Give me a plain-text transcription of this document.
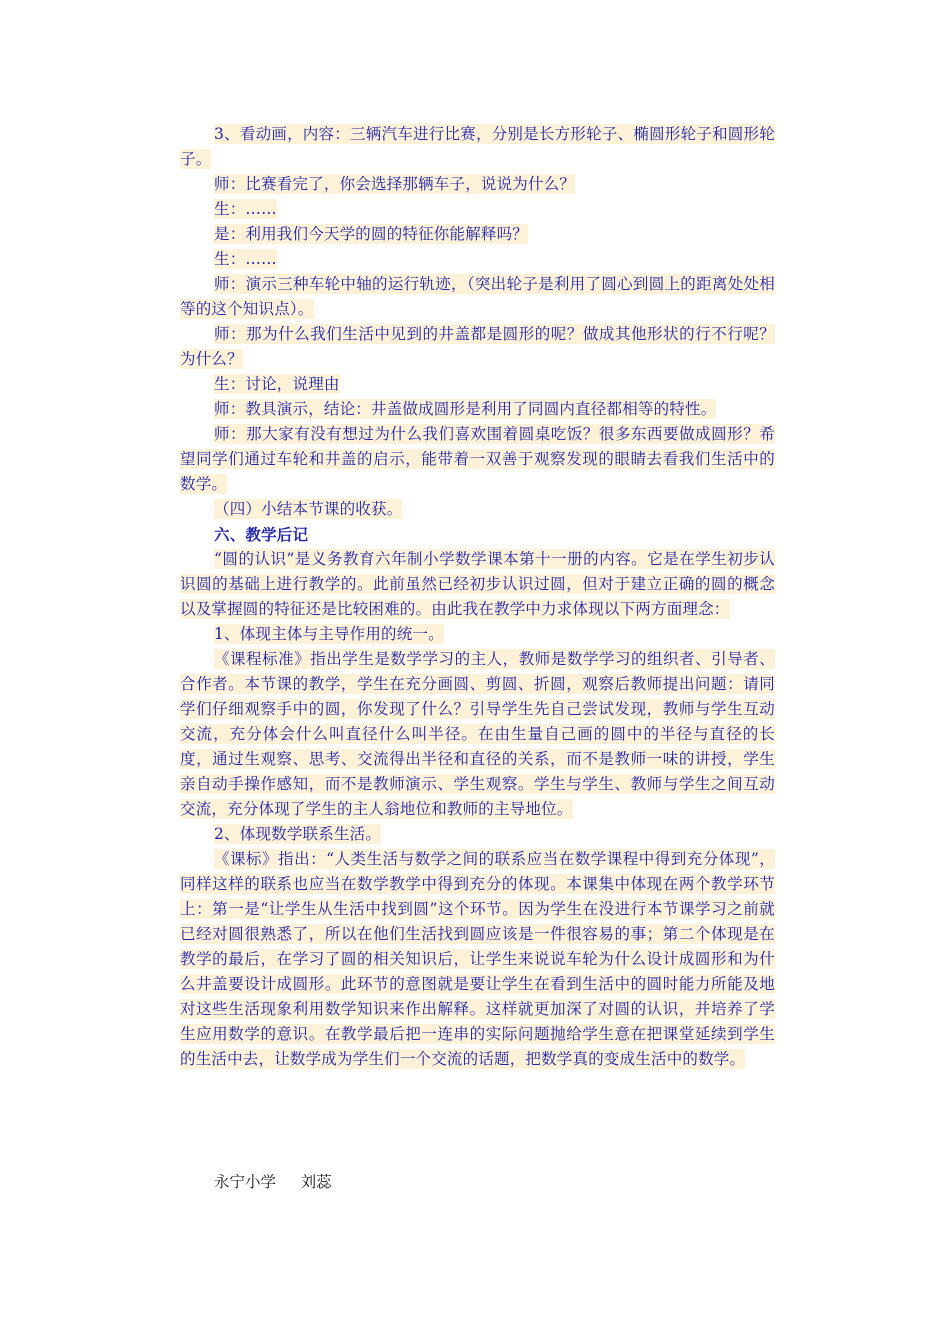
3、看动画，内容：三辆汽车进行比赛，分别是长方形轮子、椭圆形轮子和圆形轮子。

师：比赛看完了，你会选择那辆车子，说说为什么？

生：……

是：利用我们今天学的圆的特征你能解释吗？

生：……

师：演示三种车轮中轴的运行轨迹，（突出轮子是利用了圆心到圆上的距离处处相等的这个知识点）。

师：那为什么我们生活中见到的井盖都是圆形的呢？做成其他形状的行不行呢？为什么？

生：讨论，说理由

师：教具演示，结论：井盖做成圆形是利用了同圆内直径都相等的特性。

师：那大家有没有想过为什么我们喜欢围着圆桌吃饭？很多东西要做成圆形？希望同学们通过车轮和井盖的启示，能带着一双善于观察发现的眼睛去看我们生活中的数学。

（四）小结本节课的收获。

六、教学后记

“圆的认识”是义务教育六年制小学数学课本第十一册的内容。它是在学生初步认识圆的基础上进行教学的。此前虽然已经初步认识过圆，但对于建立正确的圆的概念以及掌握圆的特征还是比较困难的。由此我在教学中力求体现以下两方面理念：

1、体现主体与主导作用的统一。

《课程标准》指出学生是数学学习的主人，教师是数学学习的组织者、引导者、合作者。本节课的教学，学生在充分画圆、剪圆、折圆，观察后教师提出问题：请同学们仔细观察手中的圆，你发现了什么？引导学生先自己尝试发现，教师与学生互动交流，充分体会什么叫直径什么叫半径。在由生量自己画的圆中的半径与直径的长度，通过生观察、思考、交流得出半径和直径的关系，而不是教师一味的讲授，学生亲自动手操作感知，而不是教师演示、学生观察。学生与学生、教师与学生之间互动交流，充分体现了学生的主人翁地位和教师的主导地位。

2、体现数学联系生活。

《课标》指出：“人类生活与数学之间的联系应当在数学课程中得到充分体现”，同样这样的联系也应当在数学教学中得到充分的体现。本课集中体现在两个教学环节上：第一是“让学生从生活中找到圆”这个环节。因为学生在没进行本节课学习之前就已经对圆很熟悉了，所以在他们生活找到圆应该是一件很容易的事；第二个体现是在教学的最后，在学习了圆的相关知识后，让学生来说说车轮为什么设计成圆形和为什么井盖要设计成圆形。此环节的意图就是要让学生在看到生活中的圆时能力所能及地对这些生活现象利用数学知识来作出解释。这样就更加深了对圆的认识，并培养了学生应用数学的意识。在教学最后把一连串的实际问题抛给学生意在把课堂延续到学生的生活中去，让数学成为学生们一个交流的话题，把数学真的变成生活中的数学。

永宁小学     刘蕊
